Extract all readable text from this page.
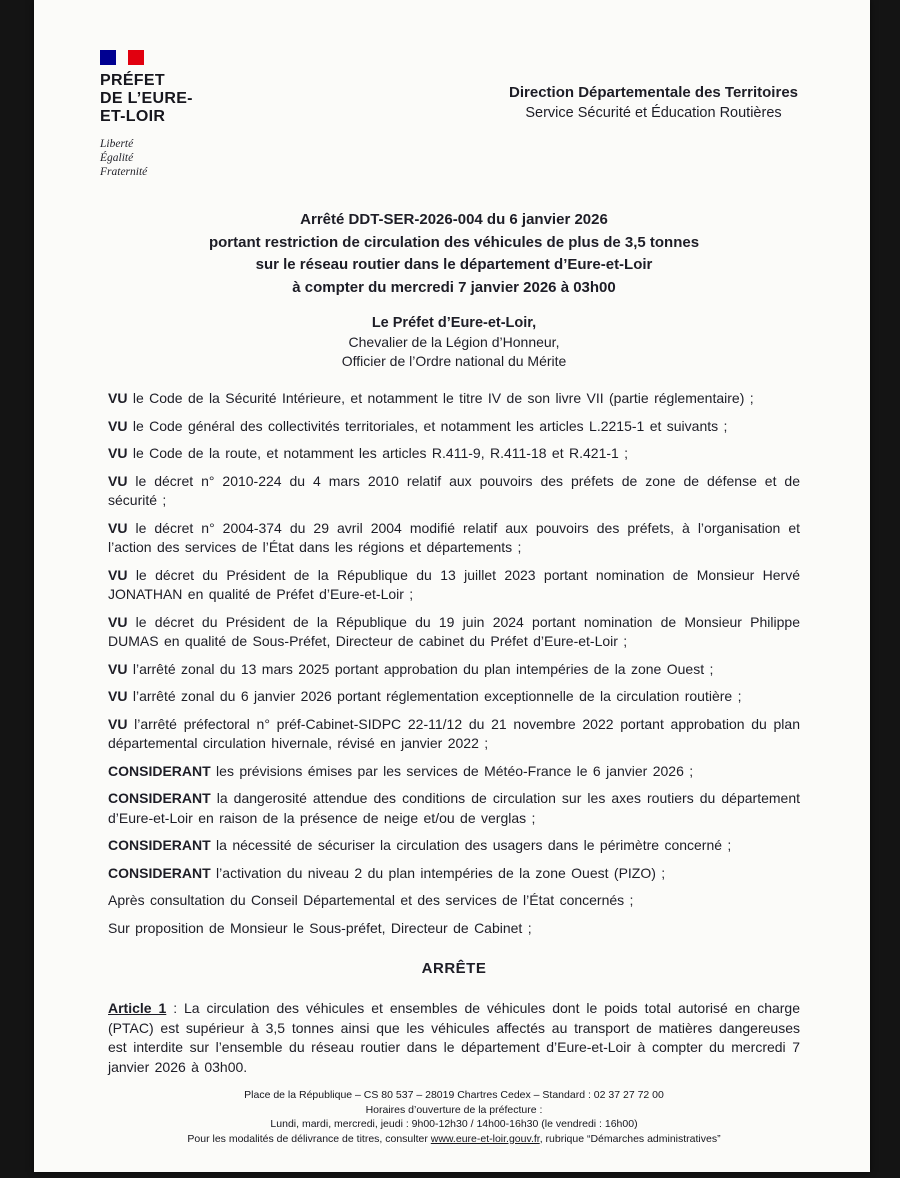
PRÉFET
DE L’EURE-
ET-LOIR
Liberté
Égalité
Fraternité
Direction Départementale des Territoires
Service Sécurité et Éducation Routières
Arrêté DDT-SER-2026-004 du 6 janvier 2026
portant restriction de circulation des véhicules de plus de 3,5 tonnes
sur le réseau routier dans le département d’Eure-et-Loir
à compter du mercredi 7 janvier 2026 à 03h00
Le Préfet d’Eure-et-Loir,
Chevalier de la Légion d’Honneur,
Officier de l’Ordre national du Mérite

VU le Code de la Sécurité Intérieure, et notamment le titre IV de son livre VII (partie réglementaire) ;

VU le Code général des collectivités territoriales, et notamment les articles L.2215-1 et suivants ;

VU le Code de la route, et notamment les articles R.411-9, R.411-18 et R.421-1 ;

VU le décret n° 2010-224 du 4 mars 2010 relatif aux pouvoirs des préfets de zone de défense et de sécurité ;

VU le décret n° 2004-374 du 29 avril 2004 modifié relatif aux pouvoirs des préfets, à l’organisation et l’action des services de l’État dans les régions et départements ;

VU le décret du Président de la République du 13 juillet 2023 portant nomination de Monsieur Hervé JONATHAN en qualité de Préfet d’Eure-et-Loir ;

VU le décret du Président de la République du 19 juin 2024 portant nomination de Monsieur Philippe DUMAS en qualité de Sous-Préfet, Directeur de cabinet du Préfet d’Eure-et-Loir ;

VU l’arrêté zonal du 13 mars 2025 portant approbation du plan intempéries de la zone Ouest ;

VU l’arrêté zonal du 6 janvier 2026 portant réglementation exceptionnelle de la circulation routière ;

VU l’arrêté préfectoral n° préf-Cabinet-SIDPC 22-11/12 du 21 novembre 2022 portant approbation du plan départemental circulation hivernale, révisé en janvier 2022 ;

CONSIDERANT les prévisions émises par les services de Météo-France le 6 janvier 2026 ;

CONSIDERANT la dangerosité attendue des conditions de circulation sur les axes routiers du département d’Eure-et-Loir en raison de la présence de neige et/ou de verglas ;

CONSIDERANT la nécessité de sécuriser la circulation des usagers dans le périmètre concerné ;

CONSIDERANT l’activation du niveau 2 du plan intempéries de la zone Ouest (PIZO) ;

Après consultation du Conseil Départemental et des services de l’État concernés ;

Sur proposition de Monsieur le Sous-préfet, Directeur de Cabinet ;

ARRÊTE

Article 1 : La circulation des véhicules et ensembles de véhicules dont le poids total autorisé en charge (PTAC) est supérieur à 3,5 tonnes ainsi que les véhicules affectés au transport de matières dangereuses est interdite sur l’ensemble du réseau routier dans le département d’Eure-et-Loir à compter du mercredi 7 janvier 2026 à 03h00.

Place de la République – CS 80 537 – 28019 Chartres Cedex – Standard : 02 37 27 72 00
Horaires d’ouverture de la préfecture :
Lundi, mardi, mercredi, jeudi : 9h00-12h30 / 14h00-16h30 (le vendredi : 16h00)
Pour les modalités de délivrance de titres, consulter www.eure-et-loir.gouv.fr, rubrique “Démarches administratives”
